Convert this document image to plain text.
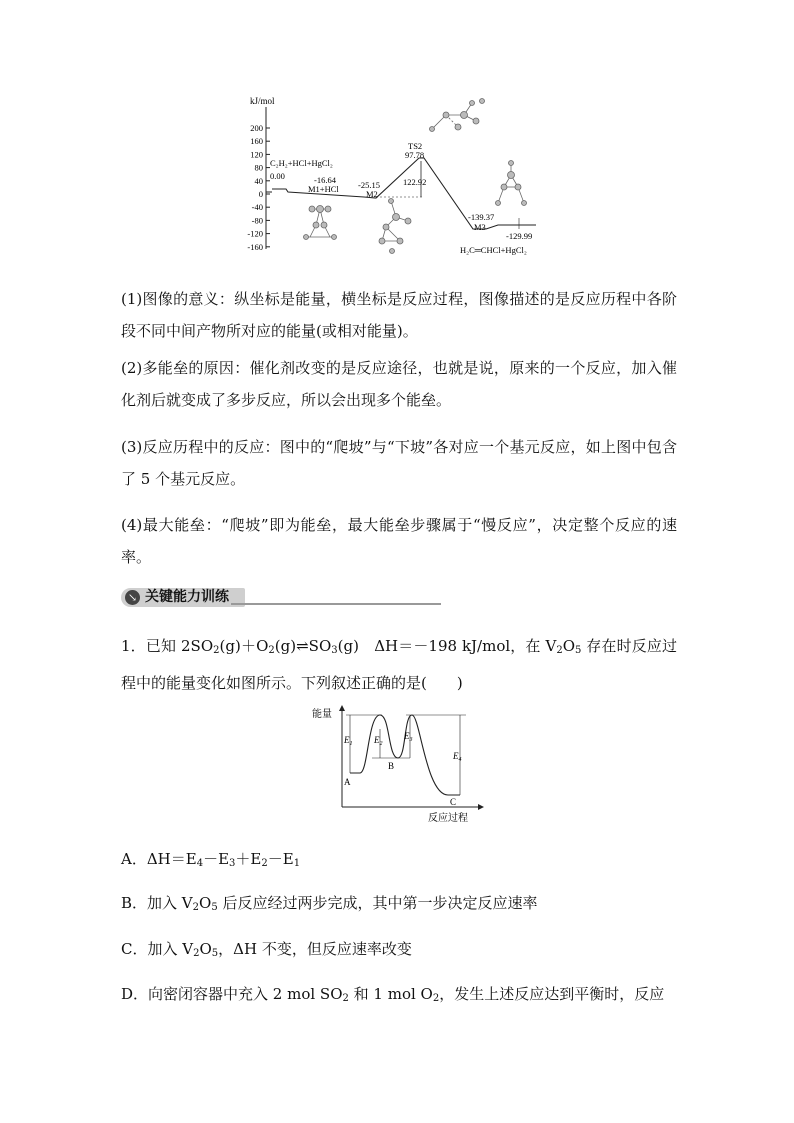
kJ/mol
200
160
120
80
40
0
-40
-80
-120
-160
C₂H₂+HCl+HgCl₂
0.00	-16.64
M1+HCl -25.15
M2
TS2
97.78
122.92
-139.37
M3
-129.99
H₂C═CHCl+HgCl₂

(1)图像的意义：纵坐标是能量，横坐标是反应过程，图像描述的是反应历程中各阶段不同中间产物所对应的能量(或相对能量)。

(2)多能垒的原因：催化剂改变的是反应途径，也就是说，原来的一个反应，加入催化剂后就变成了多步反应，所以会出现多个能垒。

(3)反应历程中的反应：图中的“爬坡”与“下坡”各对应一个基元反应，如上图中包含了 5 个基元反应。

(4)最大能垒：“爬坡”即为能垒，最大能垒步骤属于“慢反应”，决定整个反应的速率。

↘ 关键能力训练

1．已知 $2SO_2(g)+O_2(g)\rightleftharpoons SO_3(g)$　ΔH＝－198 kJ/mol，在 $V_2O_5$ 存在时反应过程中的能量变化如图所示。下列叙述正确的是(　　)

能量
反应过程
$E_1$ $E_2$
$E_3$
$E_4$
A
B
C

A．$\Delta H=E_4-E_3+E_2-E_1$

B．加入 $V_2O_5$ 后反应经过两步完成，其中第一步决定反应速率

C．加入 $V_2O_5$，ΔH 不变，但反应速率改变

D．向密闭容器中充入 2 mol $SO_2$ 和 1 mol $O_2$，发生上述反应达到平衡时，反应
